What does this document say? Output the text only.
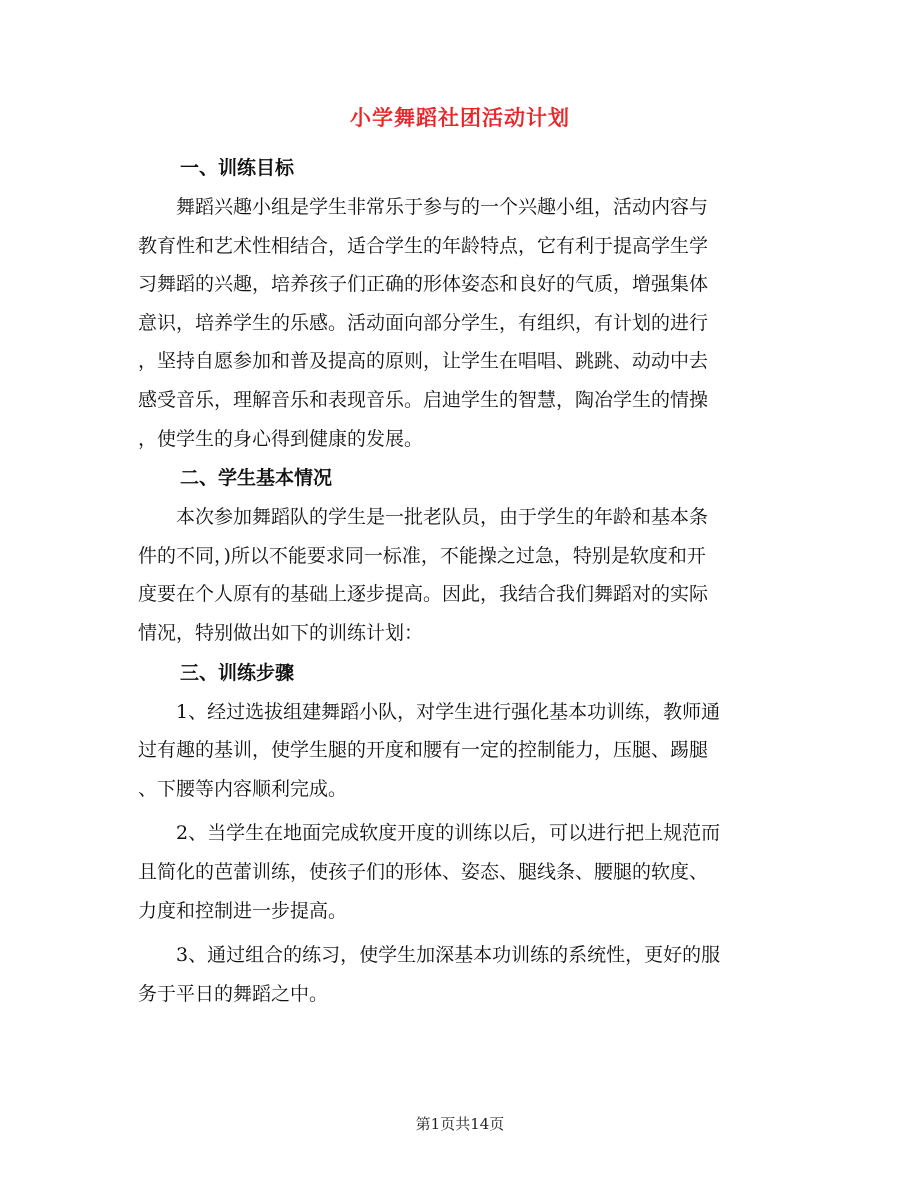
小学舞蹈社团活动计划

一、训练目标

　　舞蹈兴趣小组是学生非常乐于参与的一个兴趣小组，活动内容与

教育性和艺术性相结合，适合学生的年龄特点，它有利于提高学生学

习舞蹈的兴趣，培养孩子们正确的形体姿态和良好的气质，增强集体

意识，培养学生的乐感。活动面向部分学生，有组织，有计划的进行

，坚持自愿参加和普及提高的原则，让学生在唱唱、跳跳、动动中去

感受音乐，理解音乐和表现音乐。启迪学生的智慧，陶冶学生的情操

，使学生的身心得到健康的发展。

二、学生基本情况

　　本次参加舞蹈队的学生是一批老队员，由于学生的年龄和基本条

件的不同，)所以不能要求同一标准，不能操之过急，特别是软度和开

度要在个人原有的基础上逐步提高。因此，我结合我们舞蹈对的实际

情况，特别做出如下的训练计划：

三、训练步骤

　　1、经过选拔组建舞蹈小队，对学生进行强化基本功训练，教师通

过有趣的基训，使学生腿的开度和腰有一定的控制能力，压腿、踢腿

、下腰等内容顺利完成。

　　2、当学生在地面完成软度开度的训练以后，可以进行把上规范而

且简化的芭蕾训练，使孩子们的形体、姿态、腿线条、腰腿的软度、

力度和控制进一步提高。

　　3、通过组合的练习，使学生加深基本功训练的系统性，更好的服

务于平日的舞蹈之中。

第1页共14页
